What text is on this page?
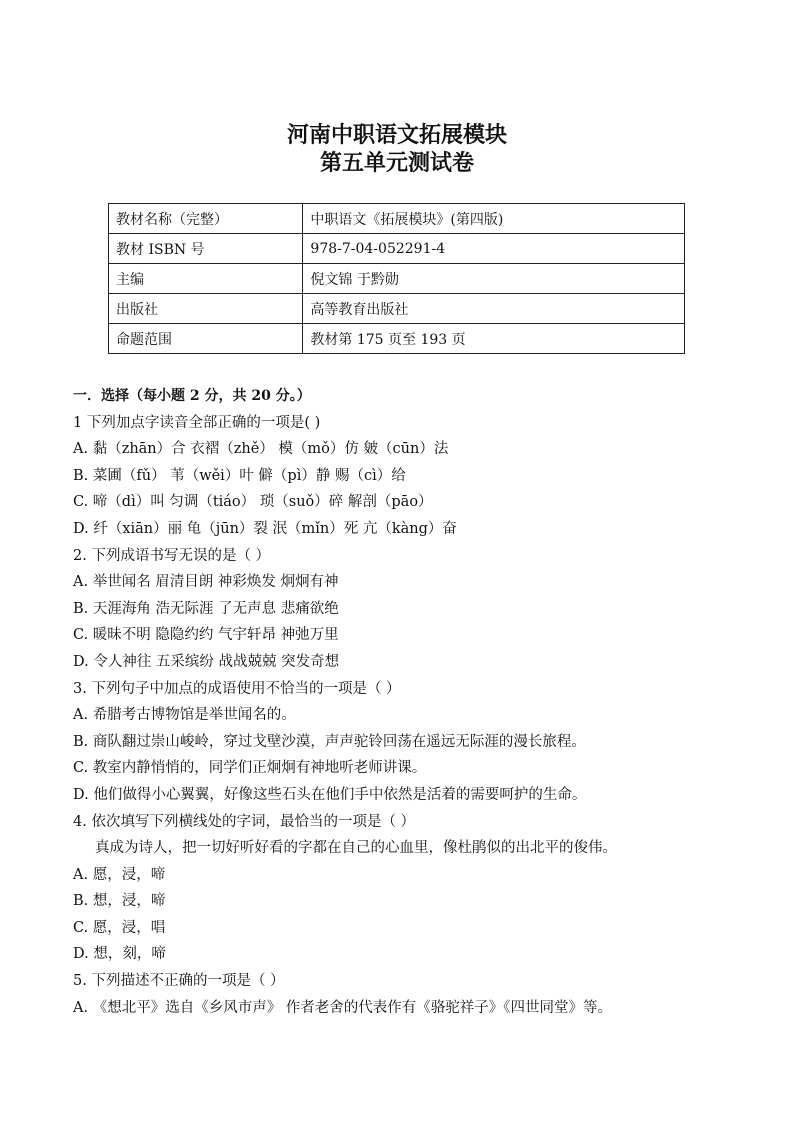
河南中职语文拓展模块
第五单元测试卷
教材名称（完整）	中职语文《拓展模块》(第四版)
教材 ISBN 号	978-7-04-052291-4
主编	倪文锦 于黔勋
出版社	高等教育出版社
命题范围	教材第 175 页至 193 页

一．选择（每小题 2 分，共 20 分。）

1 下列加点字读音全部正确的一项是( )

A. 黏（zhān）合 衣褶（zhě） 模（mǒ）仿 皴（cūn）法

B. 菜圃（fǔ） 苇（wěi）叶 僻（pì）静 赐（cì）给

C. 啼（dì）叫 匀调（tiáo） 琐（suǒ）碎 解剖（pāo）

D. 纤（xiān）丽 龟（jūn）裂 泯（mǐn）死 亢（kàng）奋

2. 下列成语书写无误的是（ ）

A. 举世闻名 眉清目朗 神彩焕发 炯炯有神

B. 天涯海角 浩无际涯 了无声息 悲痛欲绝

C. 暖昧不明 隐隐约约 气宇轩昂 神弛万里

D. 令人神往 五采缤纷 战战兢兢 突发奇想

3. 下列句子中加点的成语使用不恰当的一项是（ ）

A. 希腊考古博物馆是举世闻名的。

B. 商队翻过崇山峻岭，穿过戈壁沙漠，声声驼铃回荡在遥远无际涯的漫长旅程。

C. 教室内静悄悄的，同学们正炯炯有神地听老师讲课。

D. 他们做得小心翼翼，好像这些石头在他们手中依然是活着的需要呵护的生命。

4. 依次填写下列横线处的字词，最恰当的一项是（ ）

真成为诗人，把一切好听好看的字都在自己的心血里，像杜鹃似的出北平的俊伟。

A. 愿，浸，啼

B. 想，浸，啼

C. 愿，浸，唱

D. 想，刻，啼

5. 下列描述不正确的一项是（ ）

A. 《想北平》选自《乡风市声》 作者老舍的代表作有《骆驼祥子》《四世同堂》等。
